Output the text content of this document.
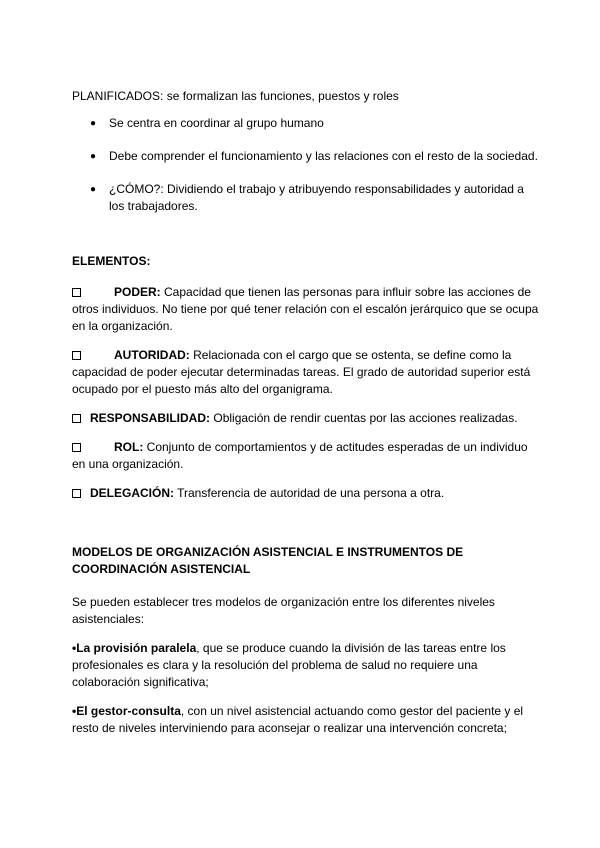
PLANIFICADOS: se formalizan las funciones, puestos y roles

● Se centra en coordinar al grupo humano
● Debe comprender el funcionamiento y las relaciones con el resto de la sociedad.
● ¿CÓMO?: Dividiendo el trabajo y atribuyendo responsabilidades y autoridad a los trabajadores.

ELEMENTOS:

PODER: Capacidad que tienen las personas para influir sobre las acciones de otros individuos. No tiene por qué tener relación con el escalón jerárquico que se ocupa en la organización.

AUTORIDAD: Relacionada con el cargo que se ostenta, se define como la capacidad de poder ejecutar determinadas tareas. El grado de autoridad superior está ocupado por el puesto más alto del organigrama.

RESPONSABILIDAD: Obligación de rendir cuentas por las acciones realizadas.

ROL: Conjunto de comportamientos y de actitudes esperadas de un individuo en una organización.

DELEGACIÓN: Transferencia de autoridad de una persona a otra.

MODELOS DE ORGANIZACIÓN ASISTENCIAL E INSTRUMENTOS DE COORDINACIÓN ASISTENCIAL

Se pueden establecer tres modelos de organización entre los diferentes niveles asistenciales:

•La provisión paralela, que se produce cuando la división de las tareas entre los profesionales es clara y la resolución del problema de salud no requiere una colaboración significativa;

•El gestor-consulta, con un nivel asistencial actuando como gestor del paciente y el resto de niveles interviniendo para aconsejar o realizar una intervención concreta;
